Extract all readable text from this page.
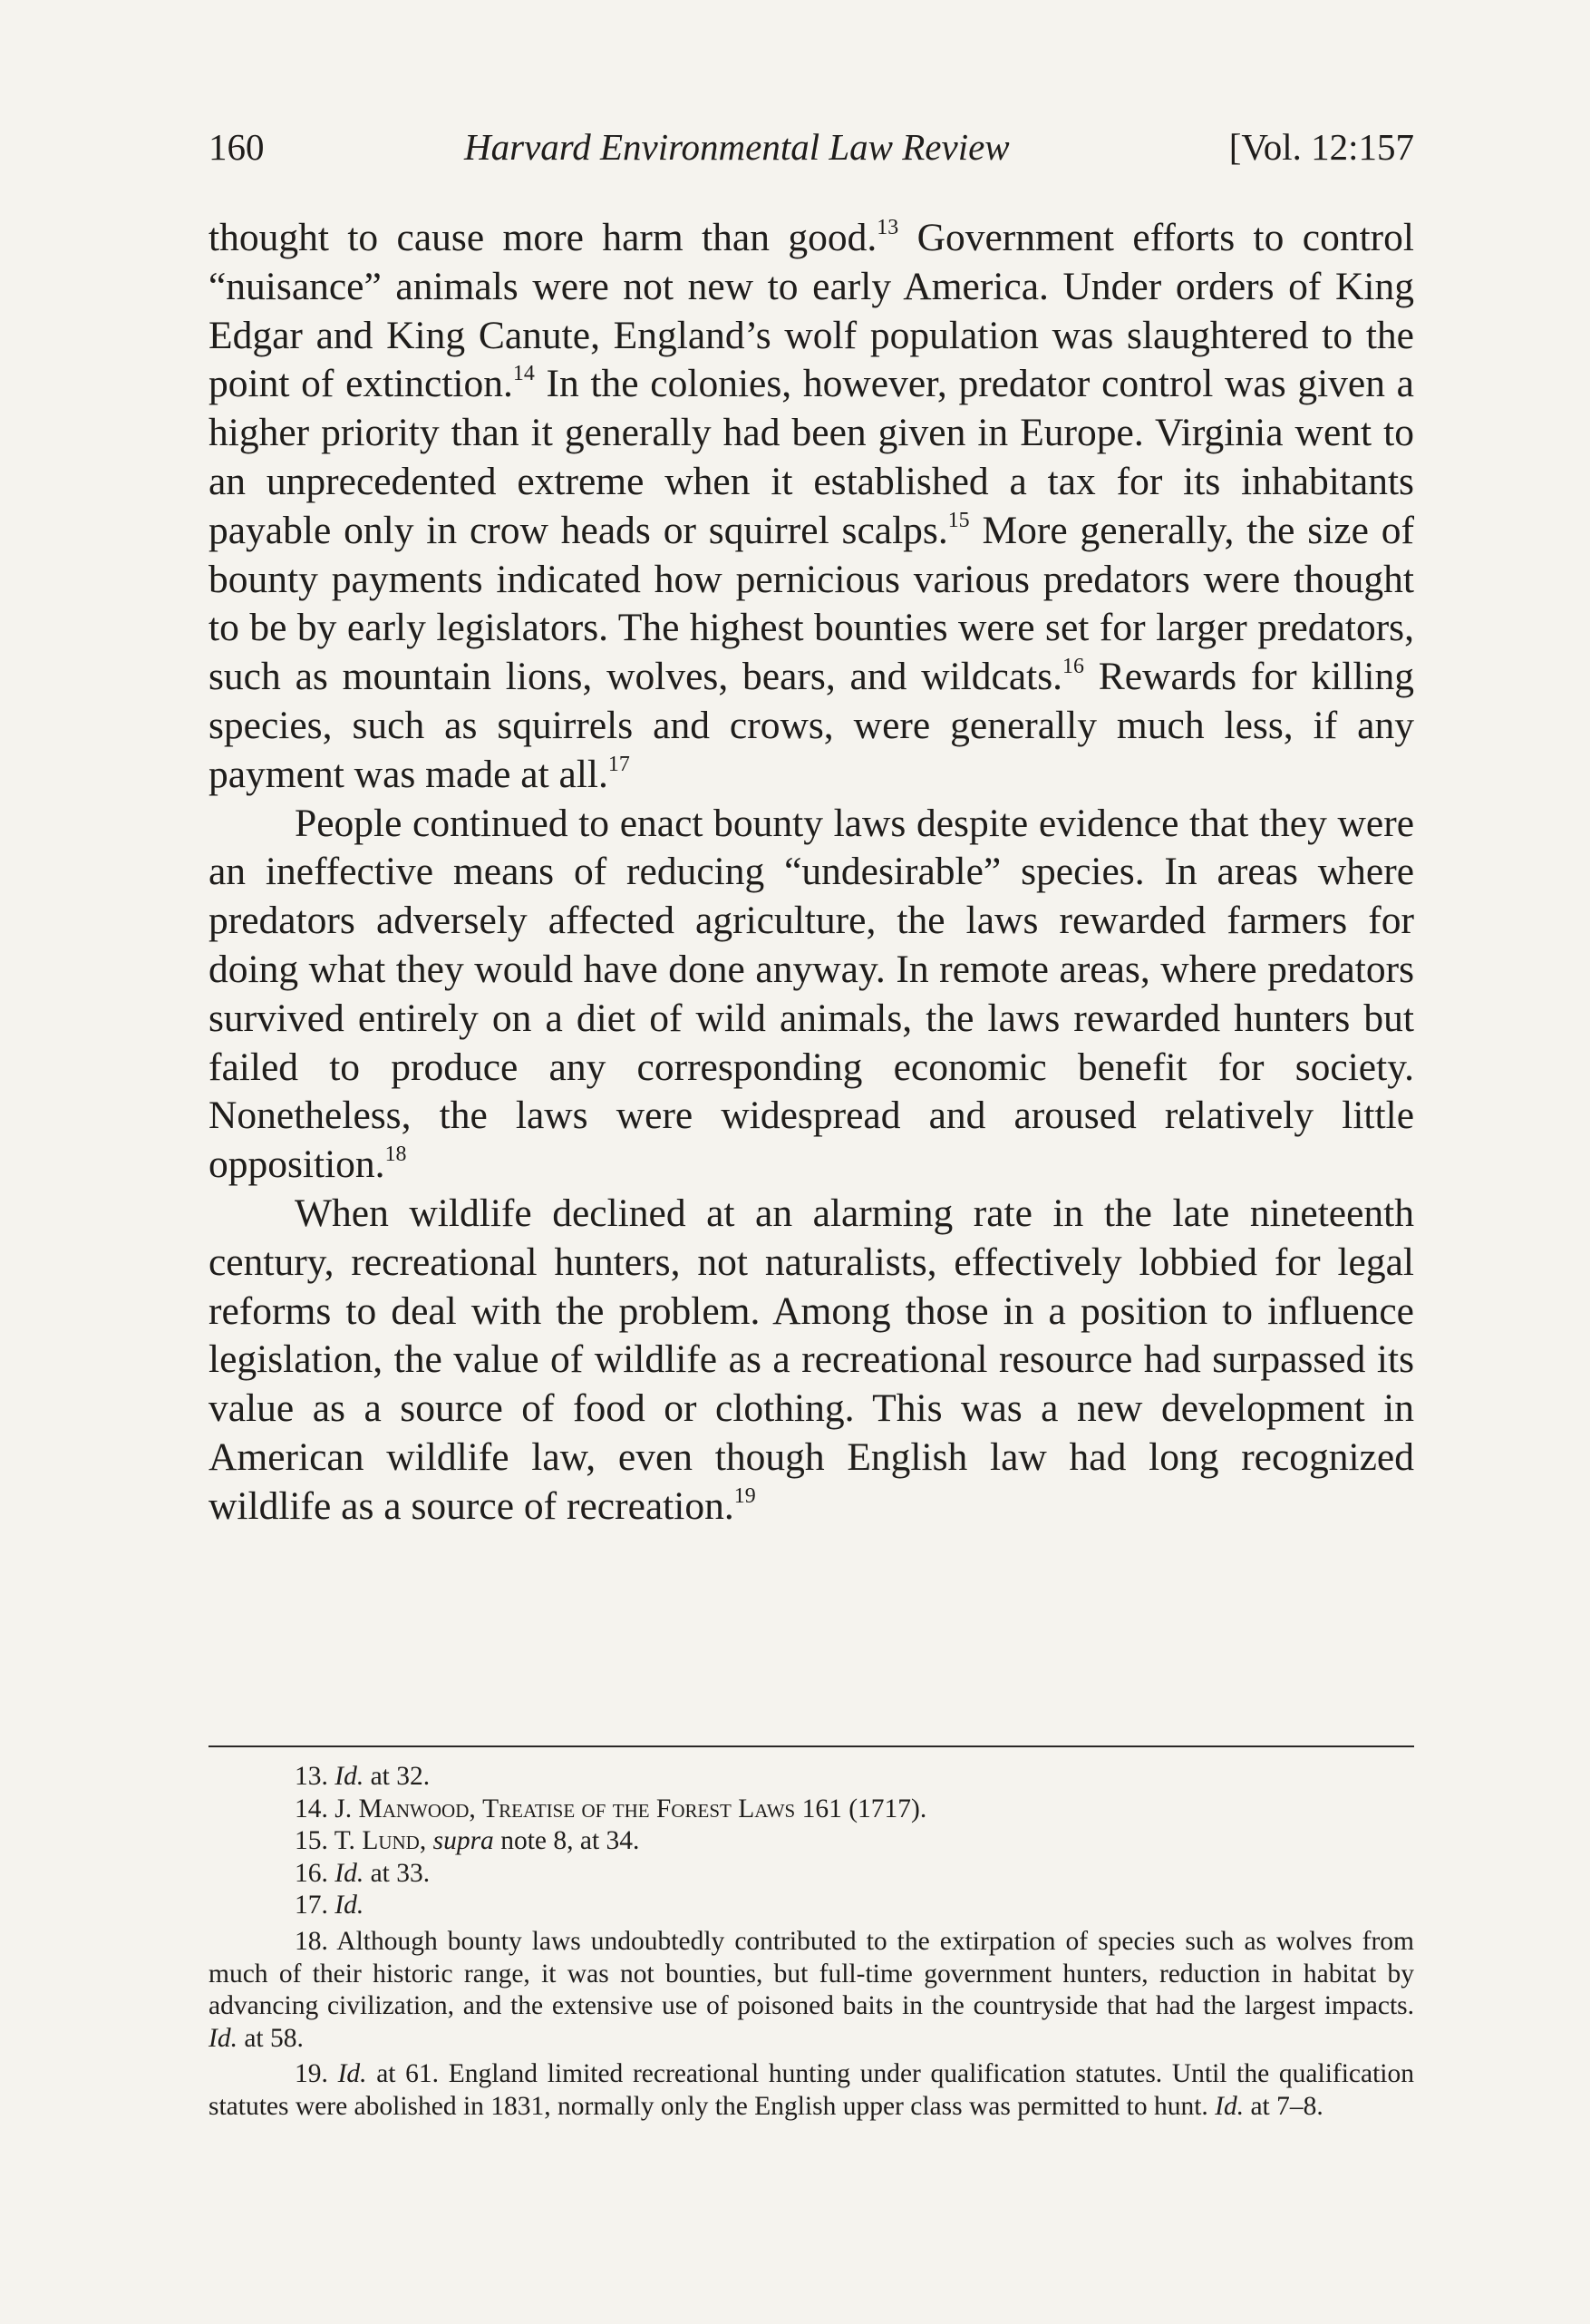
160	Harvard Environmental Law Review	[Vol. 12:157

thought to cause more harm than good.$^{13}$ Government efforts to control “nuisance” animals were not new to early America. Under orders of King Edgar and King Canute, England’s wolf population was slaughtered to the point of extinction.$^{14}$ In the colonies, however, predator control was given a higher priority than it generally had been given in Europe. Virginia went to an unprecedented extreme when it established a tax for its inhabitants payable only in crow heads or squirrel scalps.$^{15}$ More generally, the size of bounty payments indicated how pernicious various predators were thought to be by early legislators. The highest bounties were set for larger predators, such as mountain lions, wolves, bears, and wildcats.$^{16}$ Rewards for killing species, such as squirrels and crows, were generally much less, if any payment was made at all.$^{17}$

People continued to enact bounty laws despite evidence that they were an ineffective means of reducing “undesirable” species. In areas where predators adversely affected agriculture, the laws rewarded farmers for doing what they would have done anyway. In remote areas, where predators survived entirely on a diet of wild animals, the laws rewarded hunters but failed to produce any corresponding economic benefit for society. Nonetheless, the laws were widespread and aroused relatively little opposition.$^{18}$

When wildlife declined at an alarming rate in the late nineteenth century, recreational hunters, not naturalists, effectively lobbied for legal reforms to deal with the problem. Among those in a position to influence legislation, the value of wildlife as a recreational resource had surpassed its value as a source of food or clothing. This was a new development in American wildlife law, even though English law had long recognized wildlife as a source of recreation.$^{19}$

13. Id. at 32.

14. J. Manwood, Treatise of the Forest Laws 161 (1717).

15. T. Lund, supra note 8, at 34.

16. Id. at 33.

17. Id.

18. Although bounty laws undoubtedly contributed to the extirpation of species such as wolves from much of their historic range, it was not bounties, but full-time government hunters, reduction in habitat by advancing civilization, and the extensive use of poisoned baits in the countryside that had the largest impacts. Id. at 58.

19. Id. at 61. England limited recreational hunting under qualification statutes. Until the qualification statutes were abolished in 1831, normally only the English upper class was permitted to hunt. Id. at 7–8.
